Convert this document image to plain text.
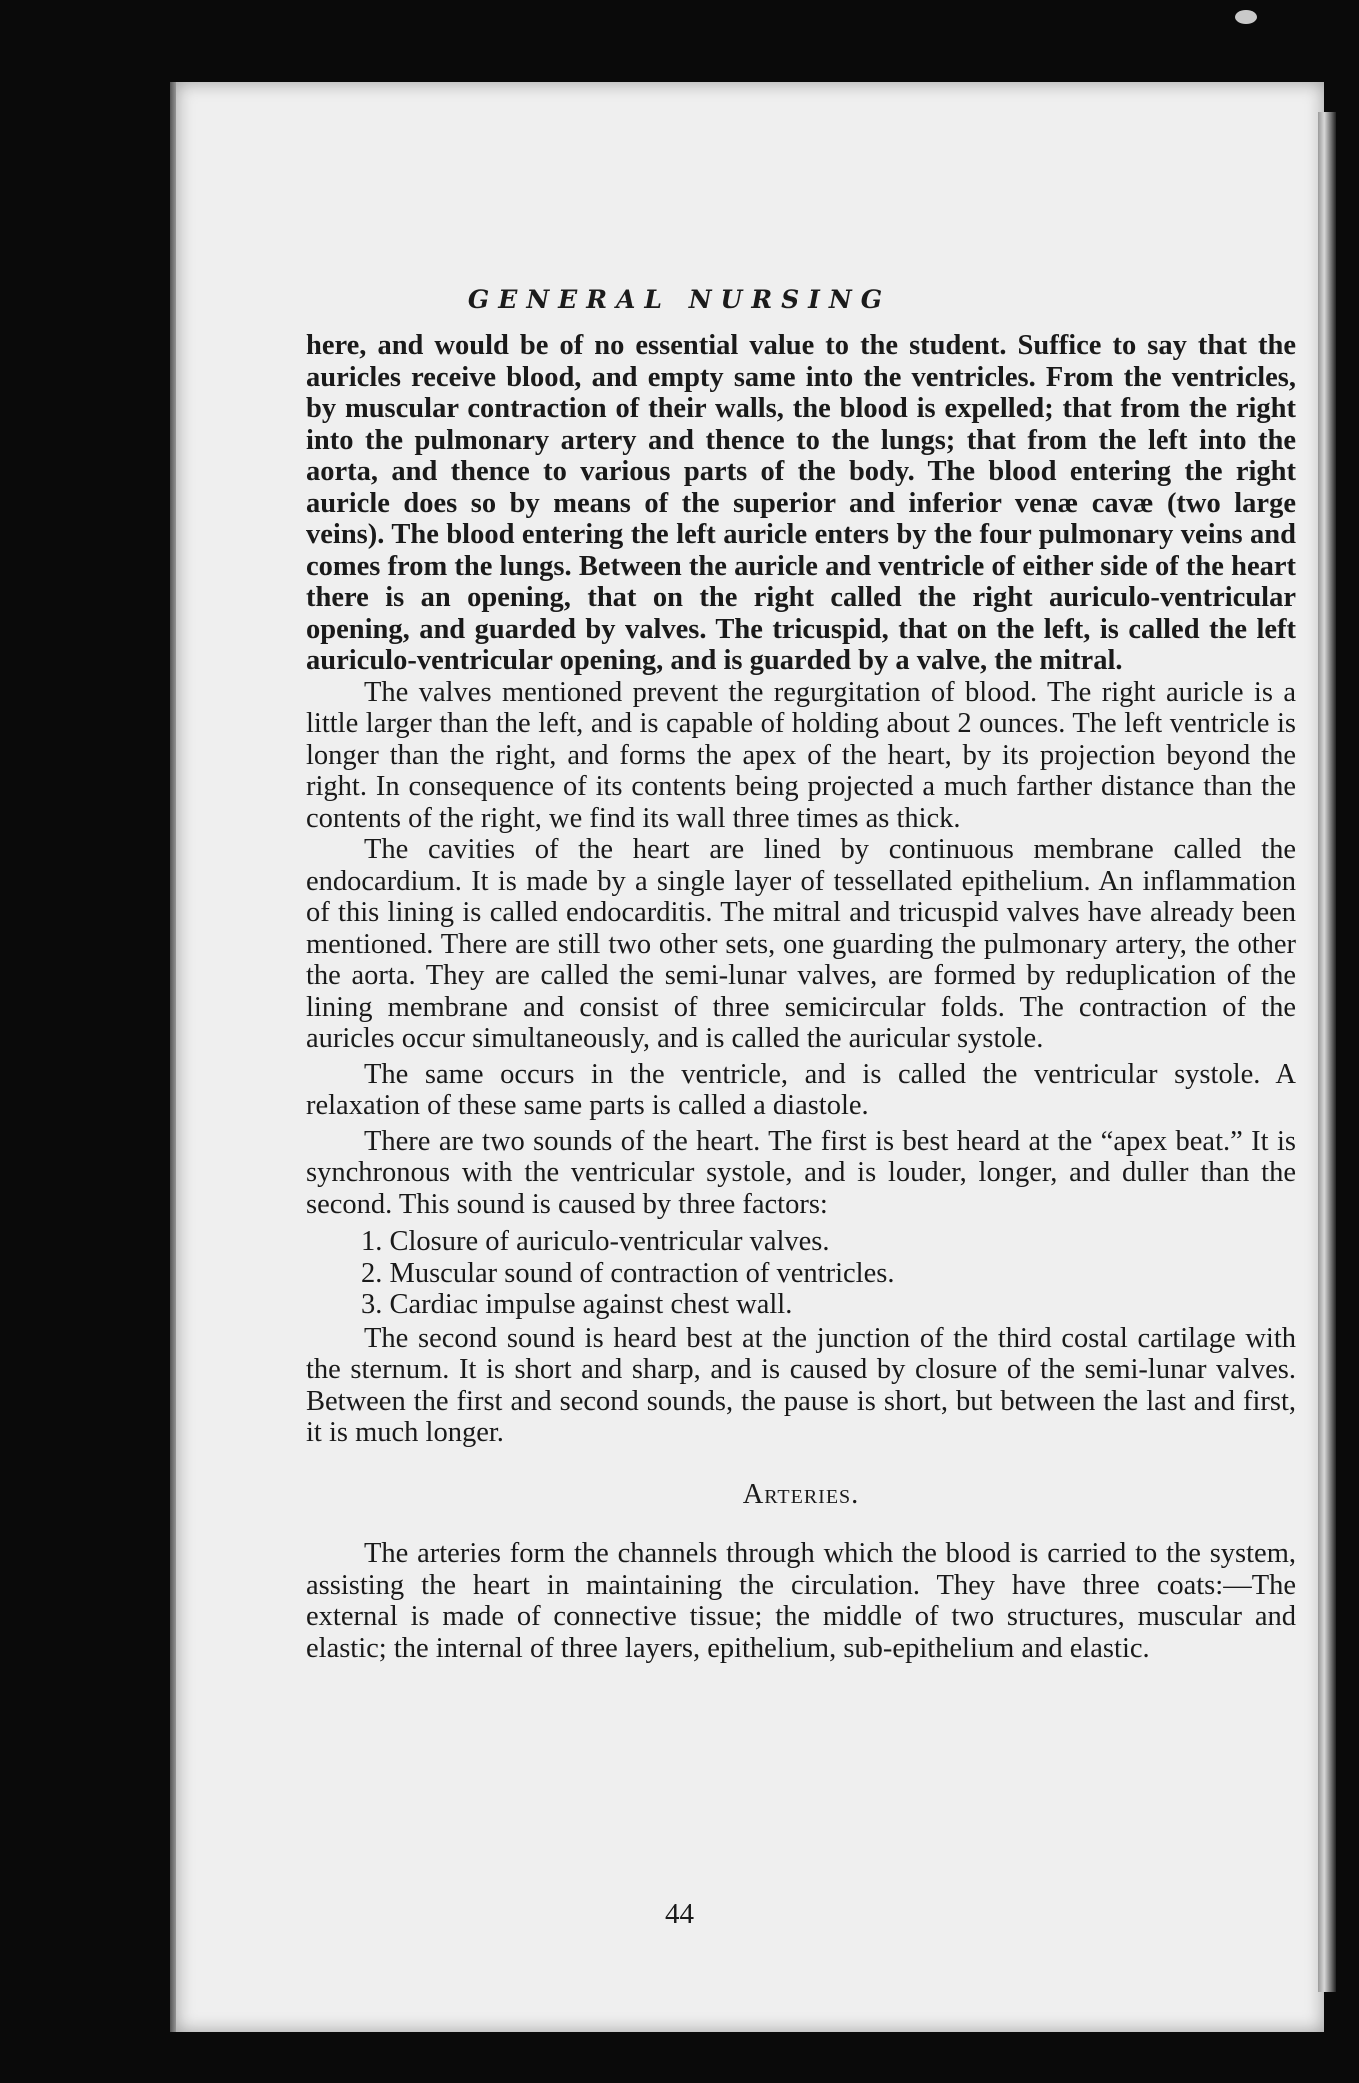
GENERAL NURSING

here, and would be of no essential value to the student. Suffice to say that the auricles receive blood, and empty same into the ventricles. From the ventricles, by muscular contraction of their walls, the blood is expelled; that from the right into the pulmonary artery and thence to the lungs; that from the left into the aorta, and thence to various parts of the body. The blood entering the right auricle does so by means of the superior and inferior venæ cavæ (two large veins). The blood entering the left auricle enters by the four pulmonary veins and comes from the lungs. Between the auricle and ventricle of either side of the heart there is an opening, that on the right called the right auriculo-ventricular opening, and guarded by valves. The tricuspid, that on the left, is called the left auriculo-ventricular opening, and is guarded by a valve, the mitral.

The valves mentioned prevent the regurgitation of blood. The right auricle is a little larger than the left, and is capable of holding about 2 ounces. The left ventricle is longer than the right, and forms the apex of the heart, by its projection beyond the right. In consequence of its contents being projected a much farther distance than the contents of the right, we find its wall three times as thick.

The cavities of the heart are lined by continuous membrane called the endocardium. It is made by a single layer of tessellated epithelium. An inflammation of this lining is called endocarditis. The mitral and tricuspid valves have already been mentioned. There are still two other sets, one guarding the pulmonary artery, the other the aorta. They are called the semi-lunar valves, are formed by reduplication of the lining membrane and consist of three semicircular folds. The contraction of the auricles occur simultaneously, and is called the auricular systole.

The same occurs in the ventricle, and is called the ventricular systole. A relaxation of these same parts is called a diastole.

There are two sounds of the heart. The first is best heard at the “apex beat.” It is synchronous with the ventricular systole, and is louder, longer, and duller than the second. This sound is caused by three factors:

1. Closure of auriculo-ventricular valves.
2. Muscular sound of contraction of ventricles.
3. Cardiac impulse against chest wall.

The second sound is heard best at the junction of the third costal cartilage with the sternum. It is short and sharp, and is caused by closure of the semi-lunar valves. Between the first and second sounds, the pause is short, but between the last and first, it is much longer.

Arteries.

The arteries form the channels through which the blood is carried to the system, assisting the heart in maintaining the circulation. They have three coats:—The external is made of connective tissue; the middle of two structures, muscular and elastic; the internal of three layers, epithelium, sub-epithelium and elastic.

44
